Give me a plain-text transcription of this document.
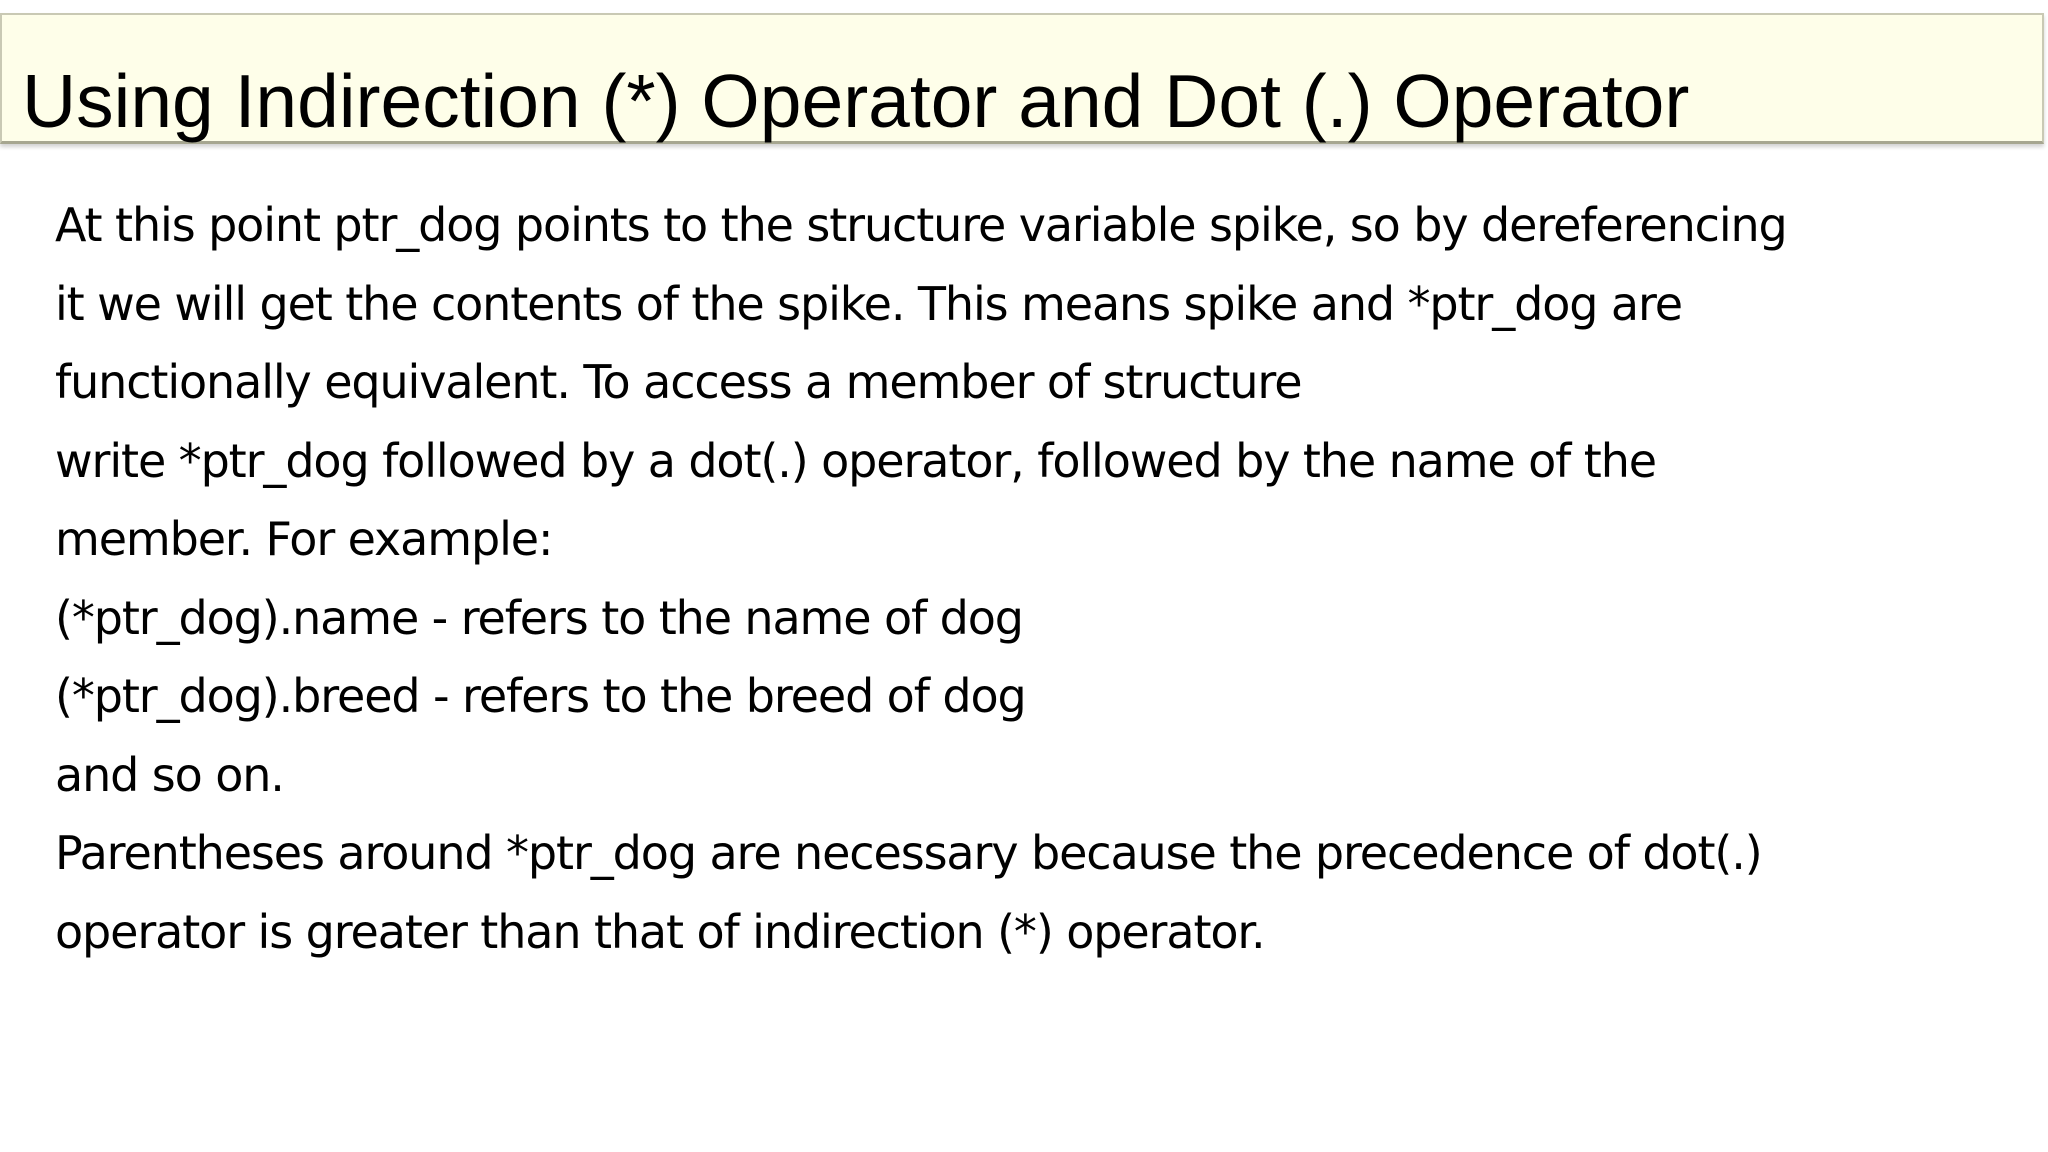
Using Indirection (*) Operator and Dot (.) Operator
At this point ptr_dog points to the structure variable spike, so by dereferencing
it we will get the contents of the spike. This means spike and *ptr_dog are
functionally equivalent. To access a member of structure
write *ptr_dog followed by a dot(.) operator, followed by the name of the
member. For example:
(*ptr_dog).name - refers to the name of dog
(*ptr_dog).breed - refers to the breed of dog
and so on.
Parentheses around *ptr_dog are necessary because the precedence of dot(.)
operator is greater than that of indirection (*) operator.
